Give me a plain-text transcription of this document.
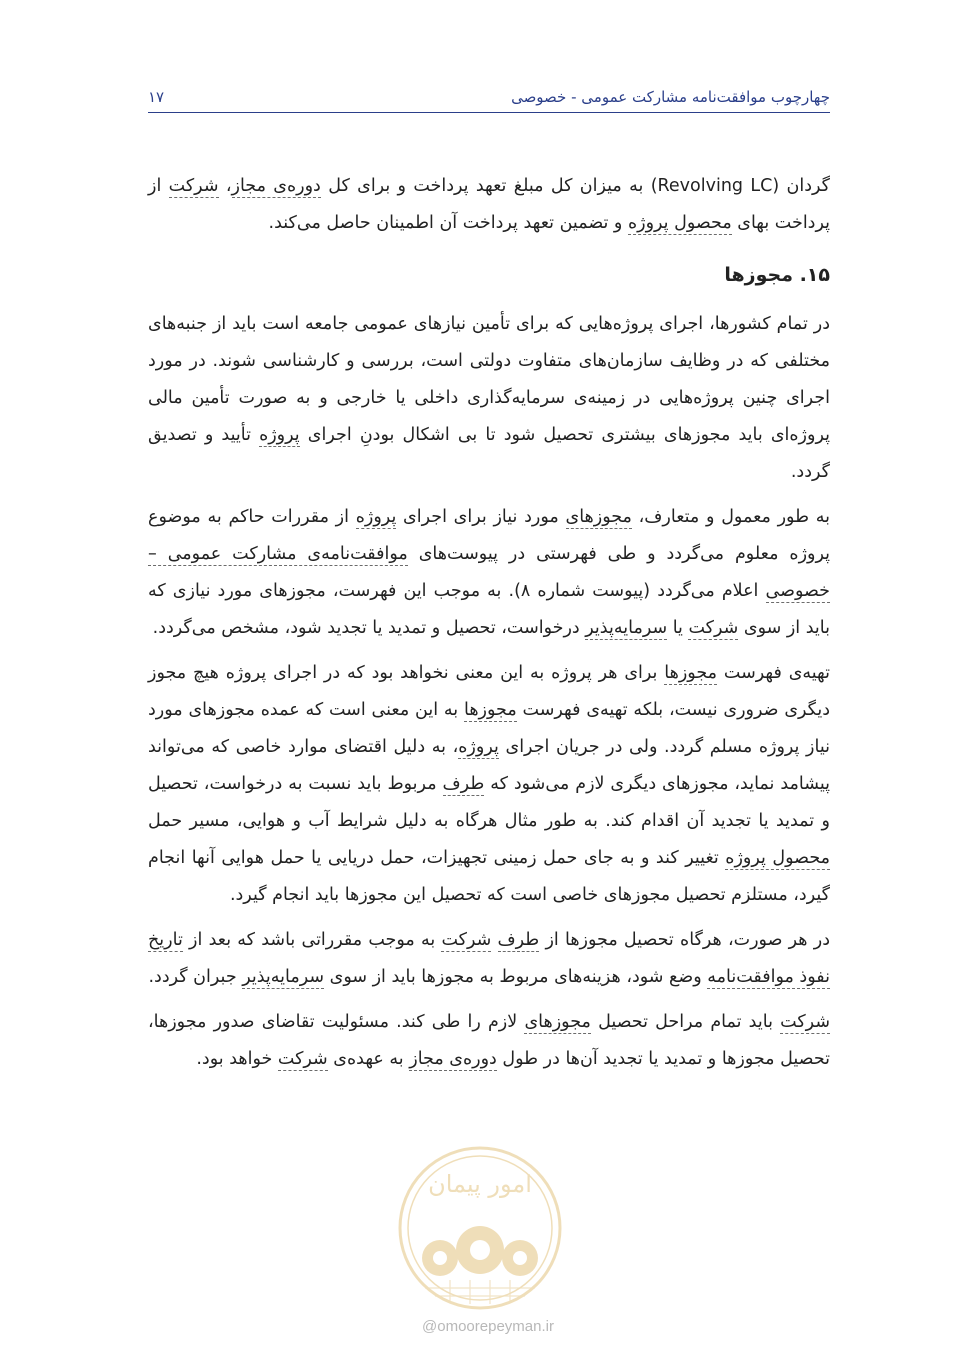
چهارچوب موافقت‌نامه مشارکت عمومی - خصوصی
۱۷

گردان (Revolving LC) به میزان کل مبلغ تعهد پرداخت و برای کل دوره‌ی مجاز، شرکت از پرداخت بهای محصول پروژه و تضمین تعهد پرداخت آن اطمینان حاصل می‌کند.

۱۵. مجوزها

در تمام کشورها، اجرای پروژه‌هایی که برای تأمین نیازهای عمومی جامعه است باید از جنبه‌های مختلفی که در وظایف سازمان‌های متفاوت دولتی است، بررسی و کارشناسی شوند. در مورد اجرای چنین پروژه‌هایی در زمینه‌ی سرمایه‌گذاری داخلی یا خارجی و به صورت تأمین مالی پروژه‌ای باید مجوزهای بیشتری تحصیل شود تا بی اشکال بودنِ اجرای پروژه تأیید و تصدیق گردد.

به طور معمول و متعارف، مجوزهای مورد نیاز برای اجرای پروژه از مقررات حاکم به موضوع پروژه معلوم می‌گردد و طی فهرستی در پیوست‌های موافقت‌نامه‌ی مشارکت عمومی – خصوصی اعلام می‌گردد (پیوست شماره ۸). به موجب این فهرست، مجوزهای مورد نیازی که باید از سوی شرکت یا سرمایه‌پذیر درخواست، تحصیل و تمدید یا تجدید شود، مشخص می‌گردد.

تهیه‌ی فهرست مجوزها برای هر پروژه به این معنی نخواهد بود که در اجرای پروژه هیچ مجوز دیگری ضروری نیست، بلکه تهیه‌ی فهرست مجوزها به این معنی است که عمده مجوزهای مورد نیاز پروژه مسلم گردد. ولی در جریان اجرای پروژه، به دلیل اقتضای موارد خاصی که می‌تواند پیشامد نماید، مجوزهای دیگری لازم می‌شود که طرف مربوط باید نسبت به درخواست، تحصیل و تمدید یا تجدید آن اقدام کند. به طور مثال هرگاه به دلیل شرایط آب و هوایی، مسیر حمل محصول پروژه تغییر کند و به جای حمل زمینی تجهیزات، حمل دریایی یا حمل هوایی آنها انجام گیرد، مستلزم تحصیل مجوزهای خاصی است که تحصیل این مجوزها باید انجام گیرد.

در هر صورت، هرگاه تحصیل مجوزها از طرف شرکت به موجب مقرراتی باشد که بعد از تاریخ نفوذ موافقت‌نامه وضع شود، هزینه‌های مربوط به مجوزها باید از سوی سرمایه‌پذیر جبران گردد.

شرکت باید تمام مراحل تحصیل مجوزهای لازم را طی کند. مسئولیت تقاضای صدور مجوزها، تحصیل مجوزها و تمدید یا تجدید آن‌ها در طول دوره‌ی مجاز به عهده‌ی شرکت خواهد بود.

امور پیمان
@omoorepeyman.ir
